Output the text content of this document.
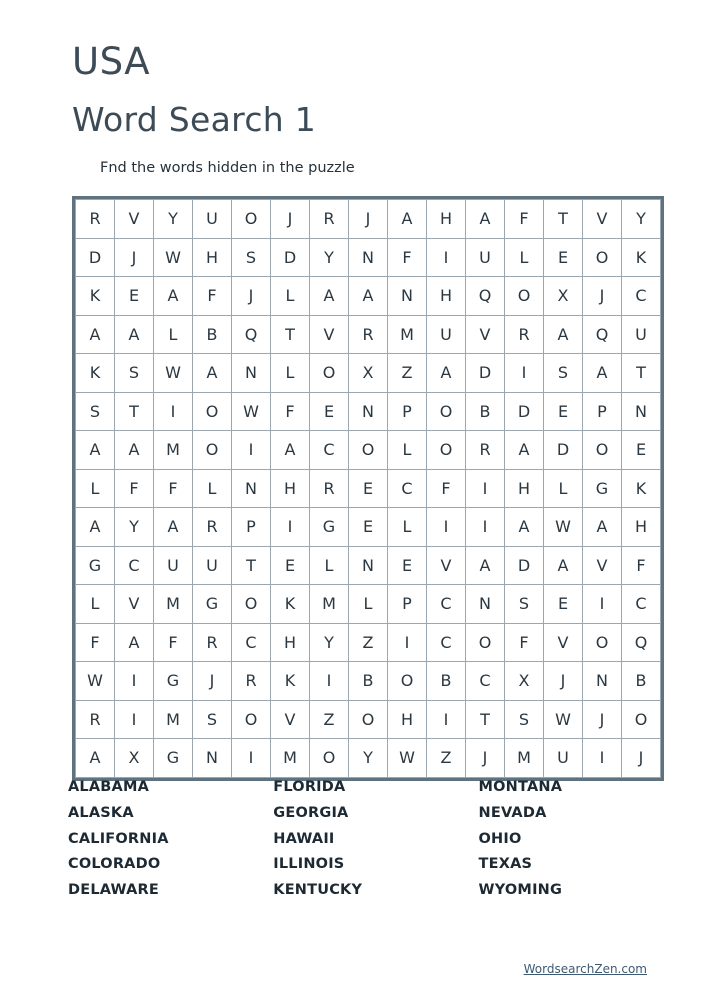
USA
Word Search 1
Fnd the words hidden in the puzzle
R	V	Y	U	O	J	R	J	A	H	A	F	T	V	Y
D	J	W	H	S	D	Y	N	F	I	U	L	E	O	K
K	E	A	F	J	L	A	A	N	H	Q	O	X	J	C
A	A	L	B	Q	T	V	R	M	U	V	R	A	Q	U
K	S	W	A	N	L	O	X	Z	A	D	I	S	A	T
S	T	I	O	W	F	E	N	P	O	B	D	E	P	N
A	A	M	O	I	A	C	O	L	O	R	A	D	O	E
L	F	F	L	N	H	R	E	C	F	I	H	L	G	K
A	Y	A	R	P	I	G	E	L	I	I	A	W	A	H
G	C	U	U	T	E	L	N	E	V	A	D	A	V	F
L	V	M	G	O	K	M	L	P	C	N	S	E	I	C
F	A	F	R	C	H	Y	Z	I	C	O	F	V	O	Q
W	I	G	J	R	K	I	B	O	B	C	X	J	N	B
R	I	M	S	O	V	Z	O	H	I	T	S	W	J	O
A	X	G	N	I	M	O	Y	W	Z	J	M	U	I	J
ALABAMA
ALASKA
CALIFORNIA
COLORADO
DELAWARE
FLORIDA
GEORGIA
HAWAII
ILLINOIS
KENTUCKY
MONTANA
NEVADA
OHIO
TEXAS
WYOMING
WordsearchZen.com
